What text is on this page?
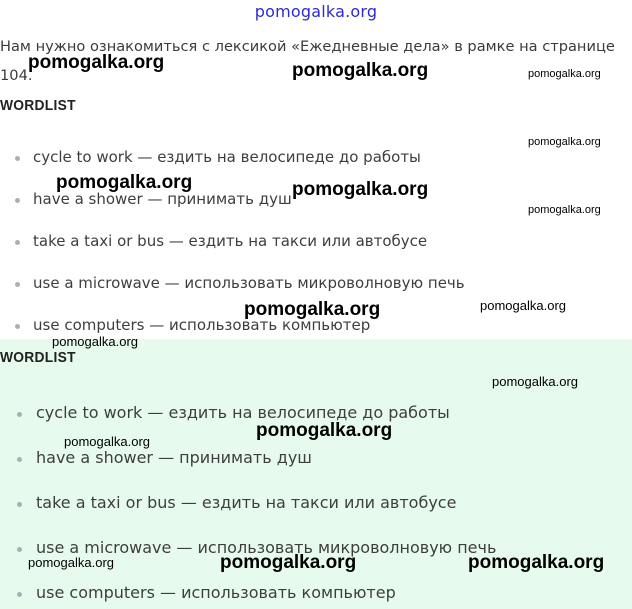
pomogalka.org
Нам нужно ознакомиться с лексикой «Ежедневные дела» в рамке на странице 104.
WORDLIST
cycle to work — ездить на велосипеде до работы
have a shower — принимать душ
take a taxi or bus — ездить на такси или автобусе
use a microwave — использовать микроволновую печь
use computers — использовать компьютер
WORDLIST
cycle to work — ездить на велосипеде до работы
have a shower — принимать душ
take a taxi or bus — ездить на такси или автобусе
use a microwave — использовать микроволновую печь
use computers — использовать компьютер
pomogalka.org	pomogalka.org	pomogalka.org
pomogalka.org
pomogalka.org	pomogalka.org
pomogalka.org
pomogalka.org	pomogalka.org
pomogalka.org
pomogalka.org
pomogalka.org
pomogalka.org
pomogalka.org	pomogalka.org	pomogalka.org
